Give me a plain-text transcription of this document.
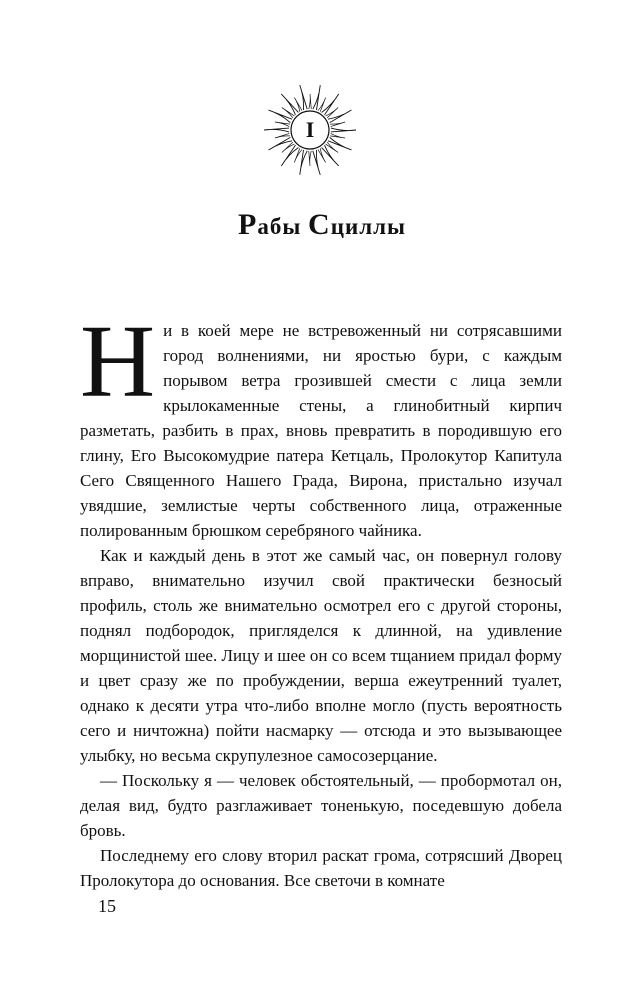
I
Рабы Сциллы

Ни в коей мере не встревоженный ни сотрясавшими город волнениями, ни яростью бури, с каждым порывом ветра грозившей смести с лица земли крылокаменные стены, а глинобитный кирпич разметать, разбить в прах, вновь превратить в породившую его глину, Его Высокомудрие патера Кетцаль, Пролокутор Капитула Сего Священного Нашего Града, Вирона, пристально изучал увядшие, землистые черты собственного лица, отраженные полированным брюшком серебряного чайника.

Как и каждый день в этот же самый час, он повернул голову вправо, внимательно изучил свой практически безносый профиль, столь же внимательно осмотрел его с другой стороны, поднял подбородок, пригляделся к длинной, на удивление морщинистой шее. Лицу и шее он со всем тщанием придал форму и цвет сразу же по пробуждении, верша ежеутренний туалет, однако к десяти утра что-либо вполне могло (пусть вероятность сего и ничтожна) пойти насмарку — отсюда и это вызывающее улыбку, но весьма скрупулезное самосозерцание.

— Поскольку я — человек обстоятельный, — пробормотал он, делая вид, будто разглаживает тоненькую, поседевшую добела бровь.

Последнему его слову вторил раскат грома, сотрясший Дворец Пролокутора до основания. Все светочи в комнате

15
